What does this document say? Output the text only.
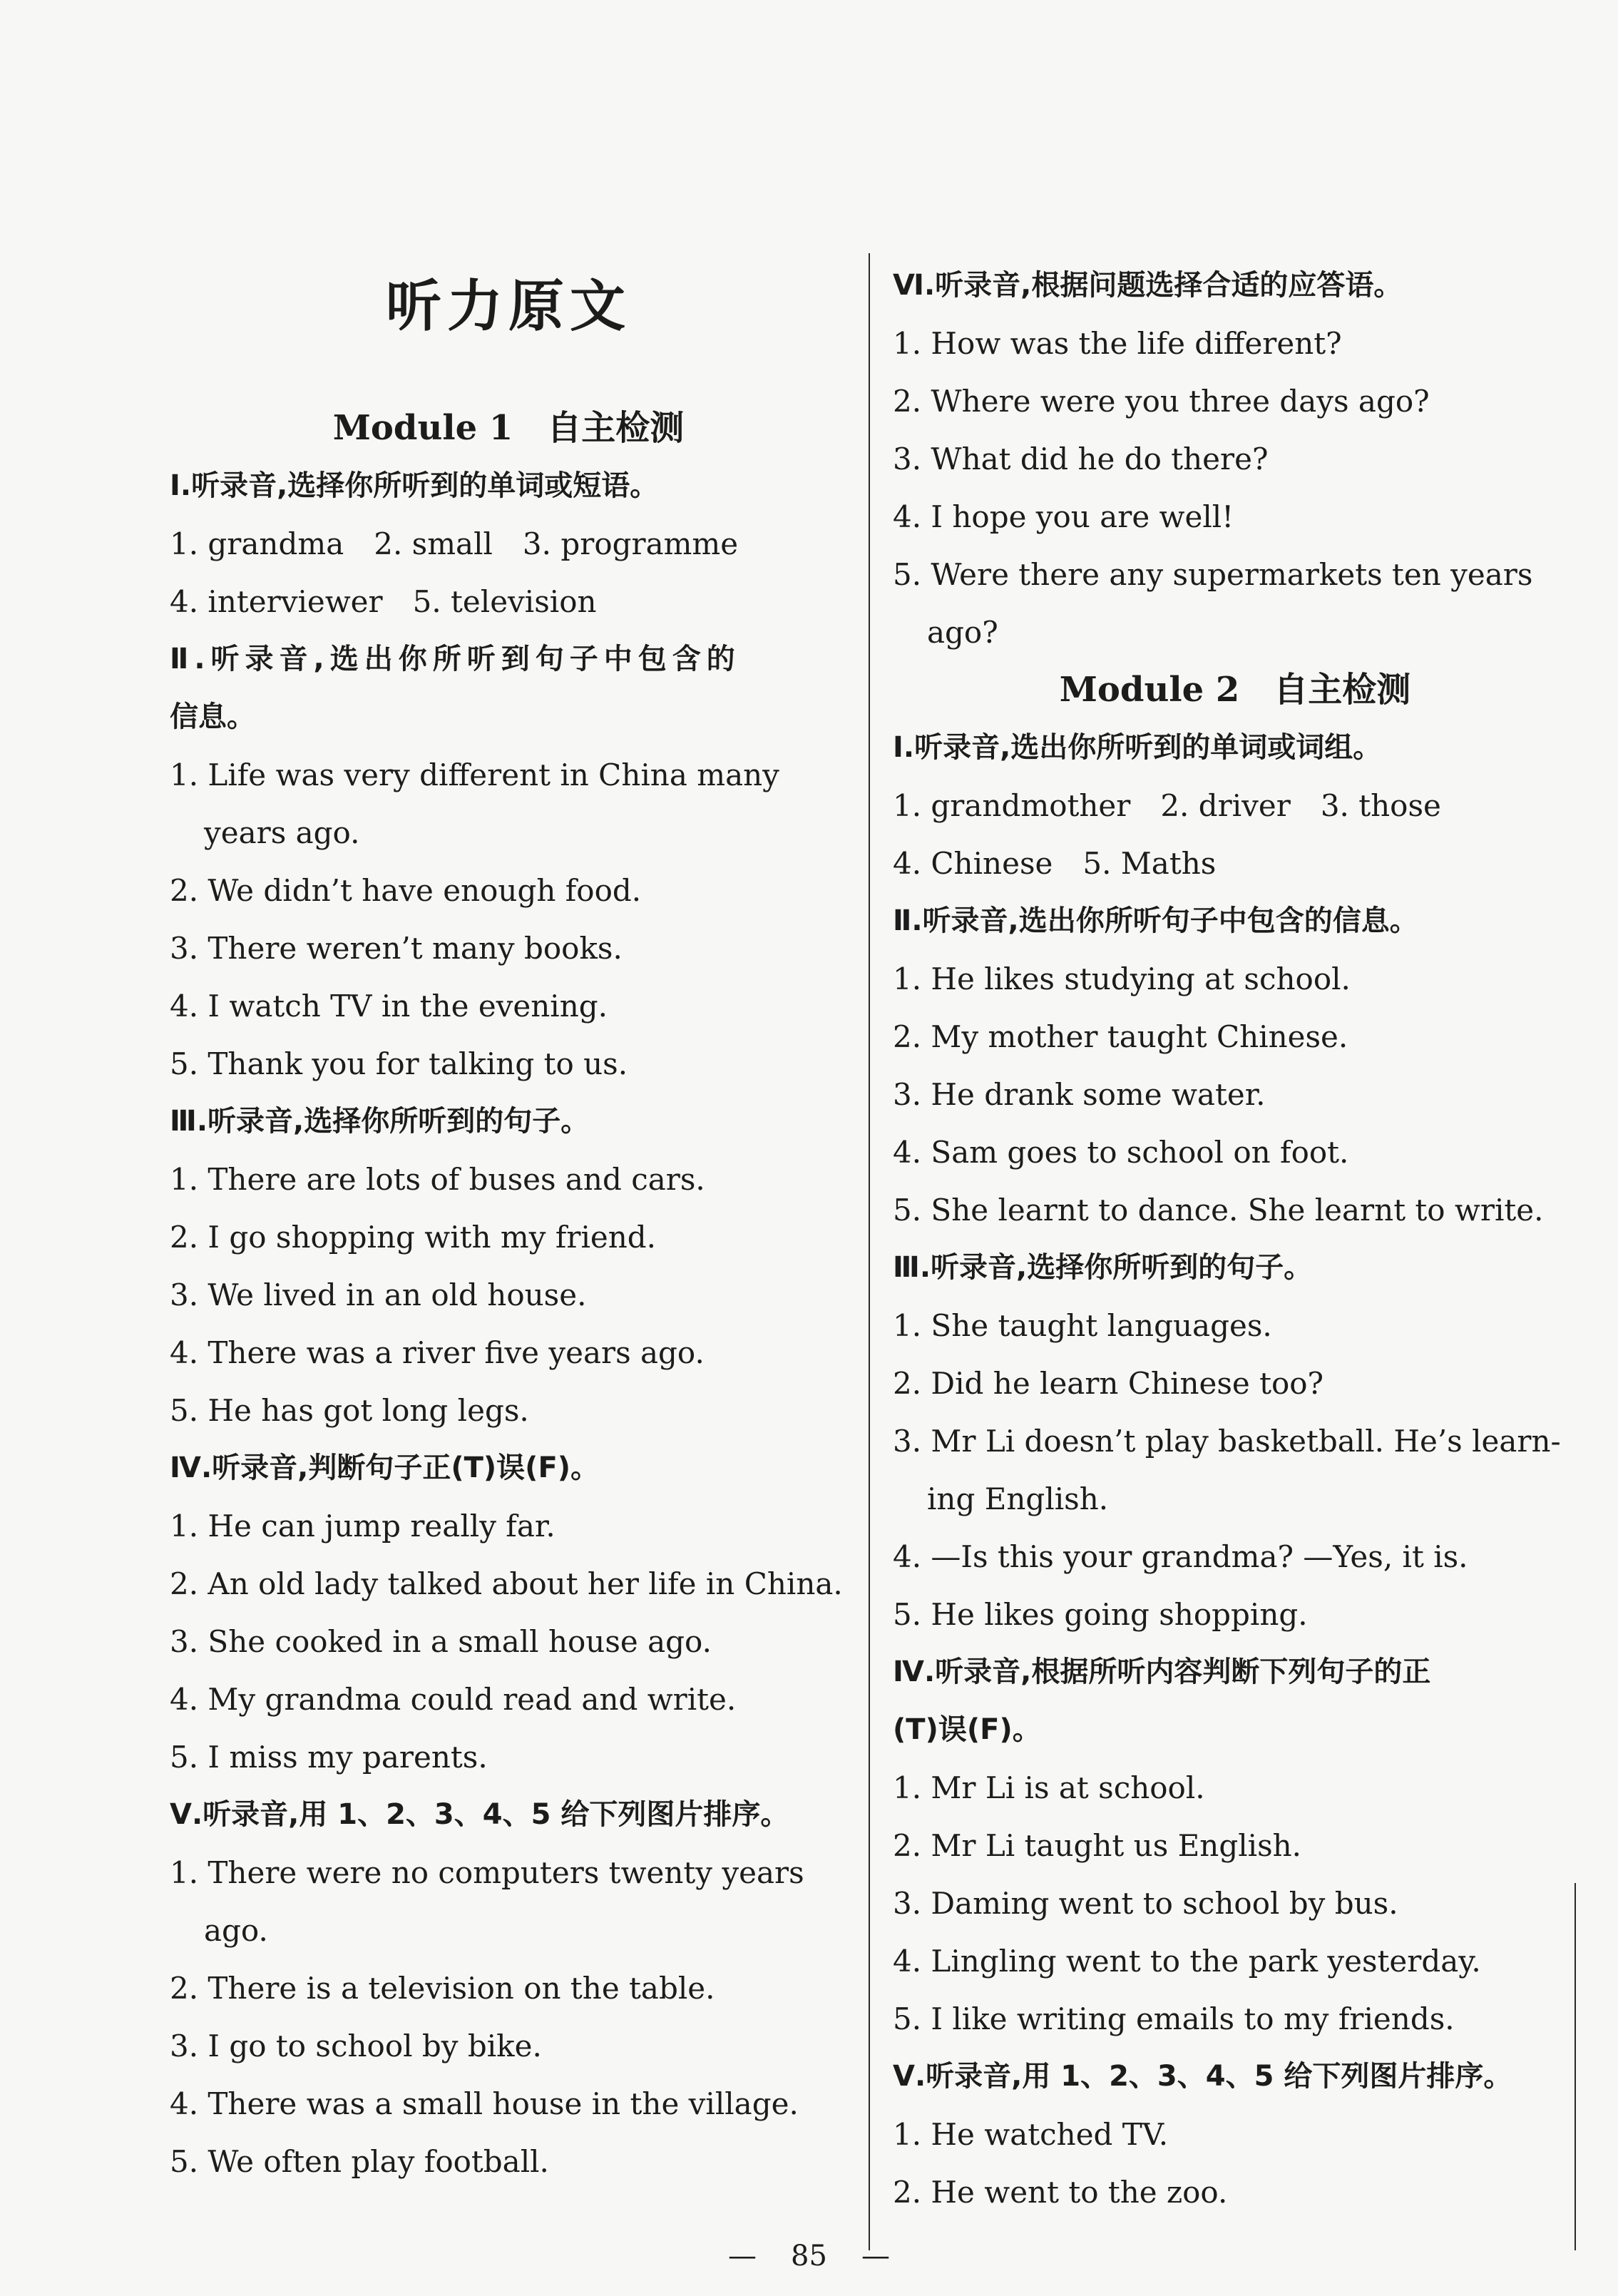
听力原文
Module 1　自主检测

Ⅰ.听录音,选择你所听到的单词或短语。

1. grandma　2. small　3. programme

4. interviewer　5. television

Ⅱ.听录音,选出你所听到句子中包含的

信息。

1. Life was very different in China many

years ago.

2. We didn’t have enough food.

3. There weren’t many books.

4. I watch TV in the evening.

5. Thank you for talking to us.

Ⅲ.听录音,选择你所听到的句子。

1. There are lots of buses and cars.

2. I go shopping with my friend.

3. We lived in an old house.

4. There was a river five years ago.

5. He has got long legs.

Ⅳ.听录音,判断句子正(T)误(F)。

1. He can jump really far.

2. An old lady talked about her life in China.

3. She cooked in a small house ago.

4. My grandma could read and write.

5. I miss my parents.

Ⅴ.听录音,用 1、2、3、4、5 给下列图片排序。

1. There were no computers twenty years

ago.

2. There is a television on the table.

3. I go to school by bike.

4. There was a small house in the village.

5. We often play football.

Ⅵ.听录音,根据问题选择合适的应答语。

1. How was the life different?

2. Where were you three days ago?

3. What did he do there?

4. I hope you are well!

5. Were there any supermarkets ten years

ago?

Module 2　自主检测

Ⅰ.听录音,选出你所听到的单词或词组。

1. grandmother　2. driver　3. those

4. Chinese　5. Maths

Ⅱ.听录音,选出你所听句子中包含的信息。

1. He likes studying at school.

2. My mother taught Chinese.

3. He drank some water.

4. Sam goes to school on foot.

5. She learnt to dance. She learnt to write.

Ⅲ.听录音,选择你所听到的句子。

1. She taught languages.

2. Did he learn Chinese too?

3. Mr Li doesn’t play basketball. He’s learn-

ing English.

4. —Is this your grandma? —Yes, it is.

5. He likes going shopping.

Ⅳ.听录音,根据所听内容判断下列句子的正

(T)误(F)。

1. Mr Li is at school.

2. Mr Li taught us English.

3. Daming went to school by bus.

4. Lingling went to the park yesterday.

5. I like writing emails to my friends.

Ⅴ.听录音,用 1、2、3、4、5 给下列图片排序。

1. He watched TV.

2. He went to the zoo.

— 85 —
